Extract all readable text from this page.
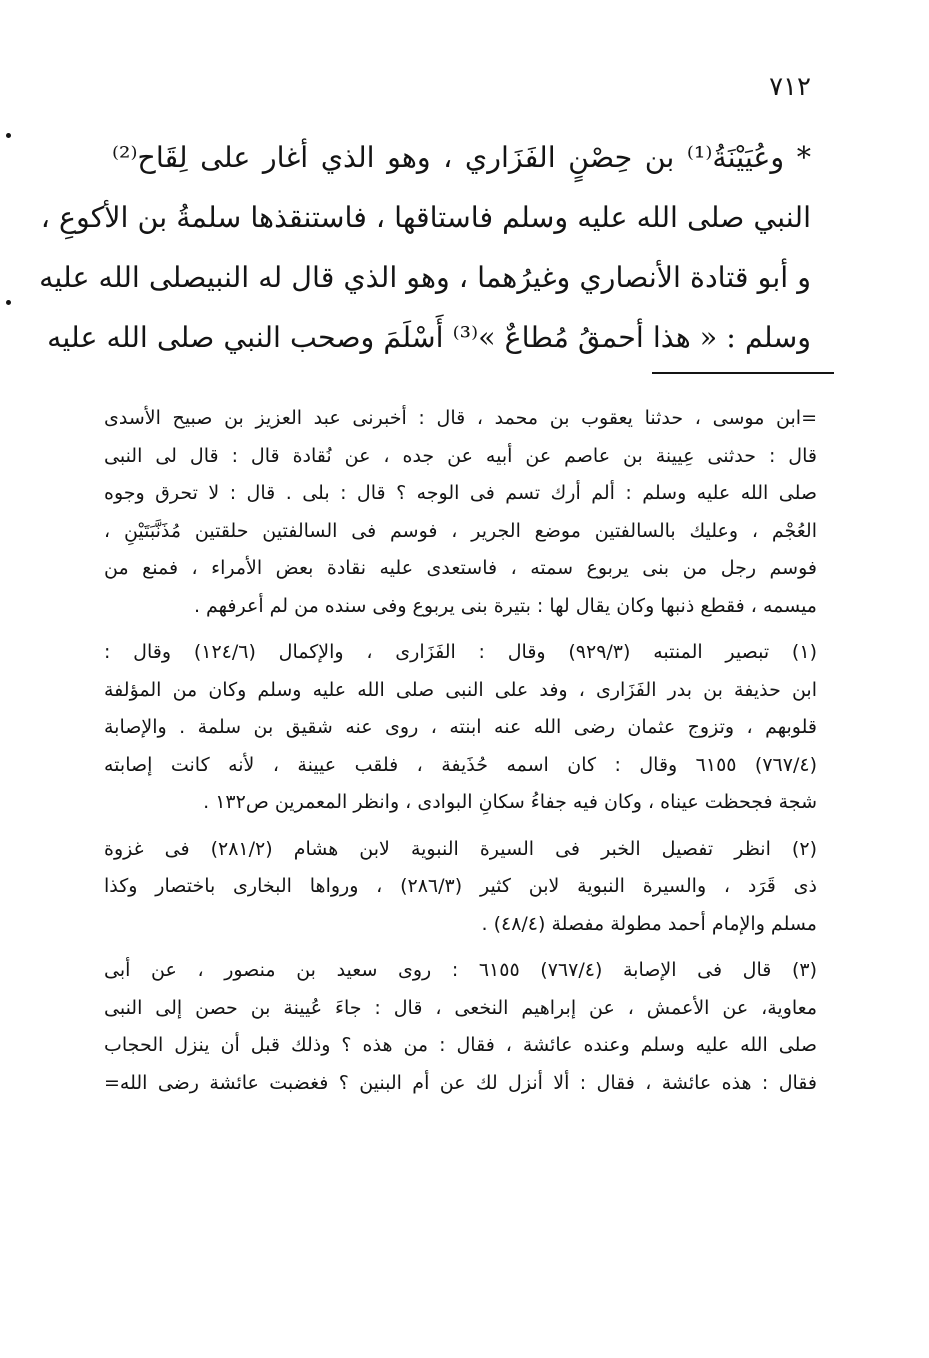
٧١٢
* وعُيَيْنَةُ⁽¹⁾ بن حِصْنٍ الفَزَاري ، وهو الذي أغار على لِقَاح⁽²⁾
النبي صلى الله عليه وسلم فاستاقها ، فاستنقذها سلمةُ بن الأكوعِ ،
و أبو قتادة الأنصاري وغيرُهما ، وهو الذي قال له النبيصلى الله عليه
وسلم : « هذا أحمقُ مُطاعٌ »⁽³⁾ أَسْلَمَ وصحب النبي صلى الله عليه
=ابن موسى ، حدثنا يعقوب بن محمد ، قال : أخبرنى عبد العزيز بن صبيح الأسدى
قال : حدثنى عِيينة بن عاصم عن أبيه عن جده ، عن نُقادة قال : قال لى النبى
صلى الله عليه وسلم : ألم أرك تسم فى الوجه ؟ قال : بلى . قال : لا تحرق وجوه
العُجْم ، وعليك بالسالفتين موضع الجرير ، فوسم فى السالفتين حلقتين مُذَنَّبَتَيْنِ ،
فوسم رجل من بنى يربوع سمته ، فاستعدى عليه نقادة بعض الأمراء ، فمنع من
ميسمه ، فقطع ذنبها وكان يقال لها : بتيرة بنى يربوع وفى سنده من لم أعرفهم .
(١) تبصير المنتبه (٩٢٩/٣) وقال : الفَزَارى ، والإكمال (١٢٤/٦) وقال :
ابن حذيفة بن بدر الفَزَارى ، وفد على النبى صلى الله عليه وسلم وكان من المؤلفة
قلوبهم ، وتزوج عثمان رضى الله عنه ابنته ، روى عنه شقيق بن سلمة . والإصابة
(٧٦٧/٤) ٦١٥٥ وقال : كان اسمه حُذَيفة ، فلقب عيينة ، لأنه كانت إصابته
شجة فجحظت عيناه ، وكان فيه جفاءُ سكانِ البوادى ، وانظر المعمرين ص١٣٢ .
(٢) انظر تفصيل الخبر فى السيرة النبوية لابن هشام (٢٨١/٢) فى غزوة
ذى قَرَد ، والسيرة النبوية لابن كثير (٢٨٦/٣) ، ورواها البخارى باختصار وكذا
مسلم والإمام أحمد مطولة مفصلة (٤٨/٤) .
(٣) قال فى الإصابة (٧٦٧/٤) ٦١٥٥ : روى سعيد بن منصور ، عن أبى
معاوية، عن الأعمش ، عن إبراهيم النخعى ، قال : جاءَ عُيينة بن حصن إلى النبى
صلى الله عليه وسلم وعنده عائشة ، فقال : من هذه ؟ وذلك قبل أن ينزل الحجاب
فقال : هذه عائشة ، فقال : ألا أنزل لك عن أم البنين ؟ فغضبت عائشة رضى الله=
